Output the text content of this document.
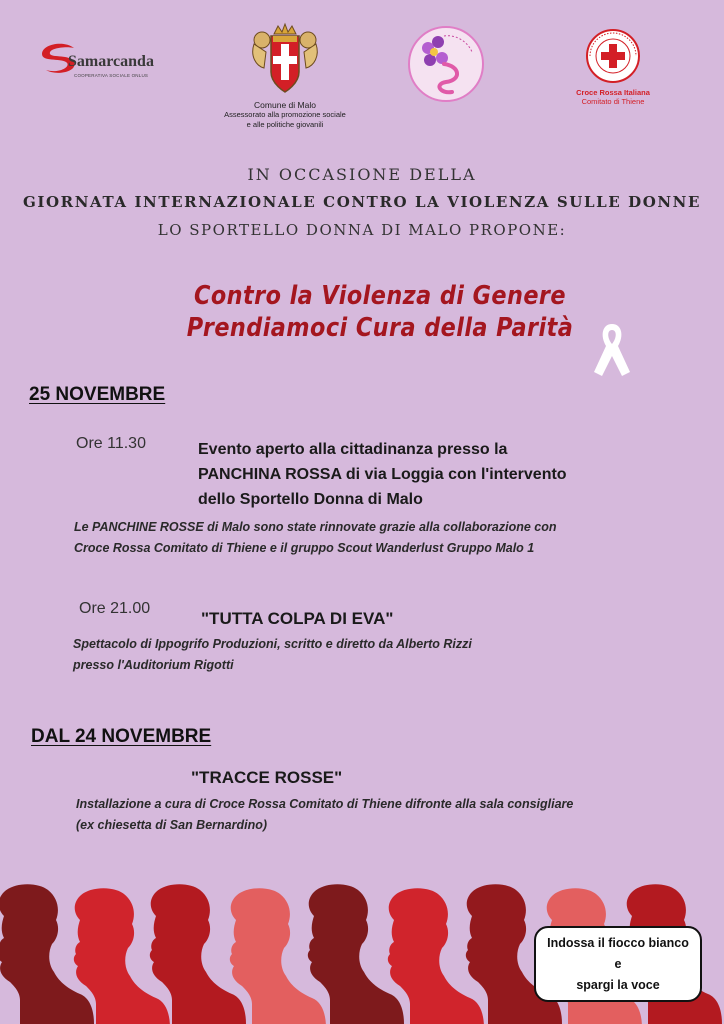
Samarcanda
COOPERATIVA SOCIALE ONLUS
Comune di Malo
Assessorato alla promozione sociale
e alle politiche giovanili
Croce Rossa Italiana
Comitato di Thiene
IN OCCASIONE DELLA
GIORNATA INTERNAZIONALE CONTRO LA VIOLENZA SULLE DONNE
LO SPORTELLO DONNA DI MALO PROPONE:
Contro la Violenza di Genere
Prendiamoci Cura della Parità
25 NOVEMBRE
Ore 11.30	Evento aperto alla cittadinanza presso la
PANCHINA ROSSA di via Loggia con l'intervento
dello Sportello Donna di Malo
Le PANCHINE ROSSE di Malo sono state rinnovate grazie alla collaborazione con
Croce Rossa Comitato di Thiene e il gruppo Scout Wanderlust Gruppo Malo 1
Ore 21.00
"TUTTA COLPA DI EVA"
Spettacolo di Ippogrifo Produzioni, scritto e diretto da Alberto Rizzi
presso l'Auditorium Rigotti
DAL 24 NOVEMBRE
"TRACCE ROSSE"
Installazione a cura di Croce Rossa Comitato di Thiene difronte alla sala consigliare
(ex chiesetta di San Bernardino)
Indossa il fiocco bianco
e
spargi la voce
